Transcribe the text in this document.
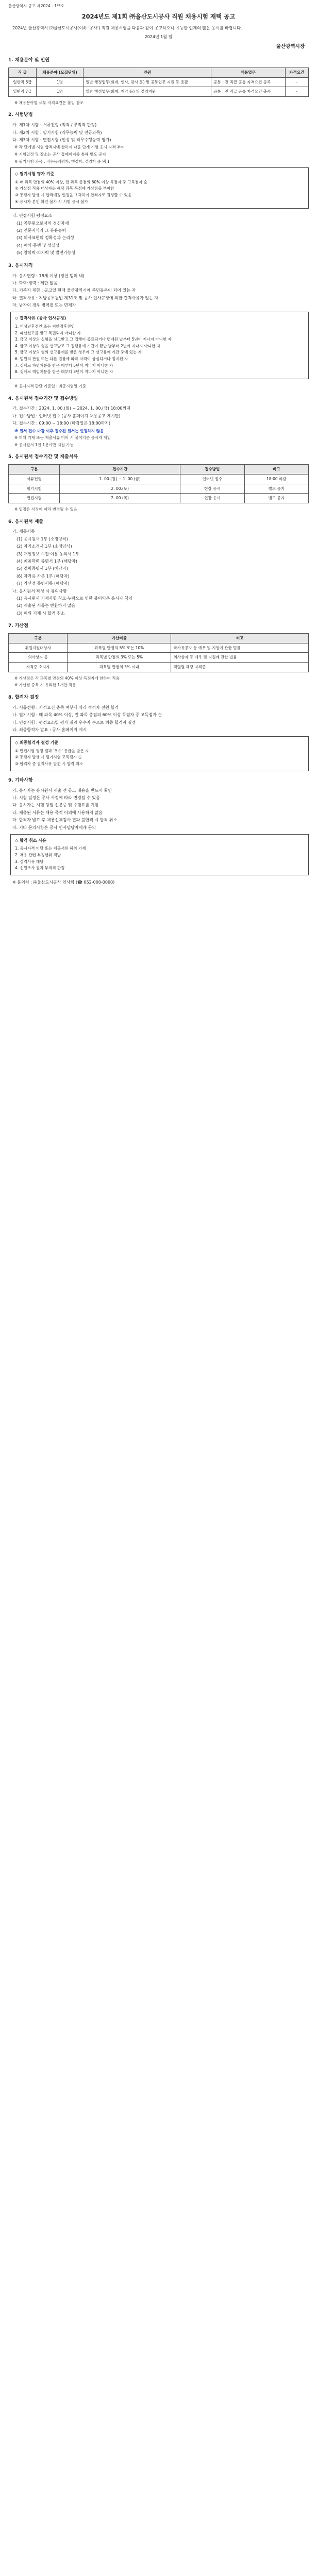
울산광역시 공고 제2024 - 1**호
2024년도 제1회 ㈜울산도시공사 직원 채용시험 재택 공고
2024년 울산광역시 ㈜울산도시공사(이하 '공사') 직원 채용시험을 다음과 같이 공고하오니 유능한 인재의 많은 응시를 바랍니다.
2024년 1월 일
울산광역시장
1. 채용분야 및 인원
직 급	채용분야 (모집단위)	인원	채용업무	자격요건
일반직 6급	1명	일반 행정업무(회계, 인사, 감사 등) 및 공통업무 지원 등 총괄	공통 : 전 직급 공통 자격요건 충족	-
일반직 7급	1명	일반 행정업무(회계, 계약 등) 및 경영지원	공통 : 전 직급 공통 자격요건 충족	-
※ 채용분야별 세부 자격요건은 붙임 참조
2. 시험방법
가. 제1차 시험 : 서류전형 (적격 / 부적격 판정)
나. 제2차 시험 : 필기시험 (직무능력 및 전공과목)
다. 제3차 시험 : 면접시험 (인성 및 직무수행능력 평가)
※ 각 단계별 시험 합격자에 한하여 다음 단계 시험 응시 자격 부여
※ 시험일정 및 장소는 공사 홈페이지를 통해 별도 공지
※ 필기시험 과목 : 직무능력평가, 행정학, 경영학 중 택 1
◇ 필기시험 평가 기준
① 매 과목 만점의 40% 이상, 전 과목 총점의 60% 이상 득점자 중 고득점자 순
② 가산점 적용 대상자는 해당 과목 득점에 가산점을 부여함
③ 동점자 발생 시 합격예정 인원을 초과하여 합격자로 결정할 수 있음
④ 응시자 본인 확인 불가 시 시험 응시 불가
라. 면접시험 평정요소
(1) 공무원으로서의 정신자세
(2) 전문지식과 그 응용능력
(3) 의사표현의 정확성과 논리성
(4) 예의·품행 및 성실성
(5) 창의력·의지력 및 발전가능성
3. 응시자격
가. 응시연령 : 18세 이상 (정년 범위 내)
나. 학력·경력 : 제한 없음
다. 거주지 제한 : 공고일 현재 울산광역시에 주민등록이 되어 있는 자
라. 결격사유 : 지방공무원법 제31조 및 공사 인사규정에 의한 결격사유가 없는 자
마. 남자의 경우 병역필 또는 면제자
◇ 결격사유 (공사 인사규정)
1. 피성년후견인 또는 피한정후견인
2. 파산선고를 받고 복권되지 아니한 자
3. 금고 이상의 실형을 선고받고 그 집행이 종료되거나 면제된 날부터 5년이 지나지 아니한 자
4. 금고 이상의 형을 선고받고 그 집행유예 기간이 끝난 날부터 2년이 지나지 아니한 자
5. 금고 이상의 형의 선고유예를 받은 경우에 그 선고유예 기간 중에 있는 자
6. 법원의 판결 또는 다른 법률에 따라 자격이 상실되거나 정지된 자
7. 징계로 파면처분을 받은 때부터 5년이 지나지 아니한 자
8. 징계로 해임처분을 받은 때부터 3년이 지나지 아니한 자
※ 응시자격 판단 기준일 : 최종시험일 기준
4. 응시원서 접수기간 및 접수방법
가. 접수기간 : 2024. 1. 00.(월) ~ 2024. 1. 00.(금) 18:00까지
나. 접수방법 : 인터넷 접수 (공사 홈페이지 채용공고 게시판)
다. 접수시간 : 09:00 ~ 18:00 (마감일은 18:00까지)
※ 원서 접수 마감 이후 접수된 원서는 인정하지 않음
※ 허위 기재 또는 제출서류 미비 시 불이익은 응시자 책임
※ 응시원서 1인 1분야만 지원 가능
5. 응시원서 접수기간 및 제출서류
구분	접수기간	접수방법	비고
서류전형	1. 00.(월) ~ 1. 00.(금)	인터넷 접수	18:00 마감
필기시험	2. 00.(토)	현장 응시	별도 공지
면접시험	2. 00.(목)	현장 응시	별도 공지
※ 일정은 사정에 따라 변경될 수 있음
6. 응시원서 제출
가. 제출서류
(1) 응시원서 1부 (소정양식)
(2) 자기소개서 1부 (소정양식)
(3) 개인정보 수집·이용 동의서 1부
(4) 최종학력 증명서 1부 (해당자)
(5) 경력증명서 1부 (해당자)
(6) 자격증 사본 1부 (해당자)
(7) 가산점 증빙서류 (해당자)
나. 응시원서 작성 시 유의사항
(1) 응시원서 기재사항 착오·누락으로 인한 불이익은 응시자 책임
(2) 제출된 서류는 반환하지 않음
(3) 허위 기재 시 합격 취소
7. 가산점
구분	가산비율	비고
취업지원대상자	과목별 만점의 5% 또는 10%	국가유공자 등 예우 및 지원에 관한 법률
의사상자 등	과목별 만점의 3% 또는 5%	의사상자 등 예우 및 지원에 관한 법률
자격증 소지자	과목별 만점의 3% 이내	직렬별 해당 자격증
※ 가산점은 각 과목별 만점의 40% 이상 득점자에 한하여 적용
※ 가산점 중복 시 유리한 1개만 적용
8. 합격자 결정
가. 서류전형 : 자격요건 충족 여부에 따라 적격자 전원 합격
나. 필기시험 : 매 과목 40% 이상, 전 과목 총점의 60% 이상 득점자 중 고득점자 순
다. 면접시험 : 평정요소별 평가 결과 우수자 순으로 최종 합격자 결정
라. 최종합격자 발표 : 공사 홈페이지 게시
◇ 최종합격자 결정 기준
① 면접시험 평정 결과 '우수' 등급을 받은 자
② 동점자 발생 시 필기시험 고득점자 순
③ 합격자 중 결격사유 발견 시 합격 취소
9. 기타사항
가. 응시자는 응시원서 제출 전 공고 내용을 반드시 확인
나. 시험 일정은 공사 사정에 따라 변경될 수 있음
다. 응시자는 시험 당일 신분증 및 수험표를 지참
라. 제출된 서류는 채용 목적 이외에 사용하지 않음
마. 합격자 발표 후 채용신체검사 결과 불합격 시 합격 취소
바. 기타 문의사항은 공사 인사담당자에게 문의
◇ 합격 취소 사유
1. 응시자격 미달 또는 제출서류 허위 기재
2. 채용 관련 부정행위 적발
3. 결격사유 해당
4. 신원조사 결과 부적격 판정
※ 문의처 : ㈜울산도시공사 인사팀 (☎ 052-000-0000)
